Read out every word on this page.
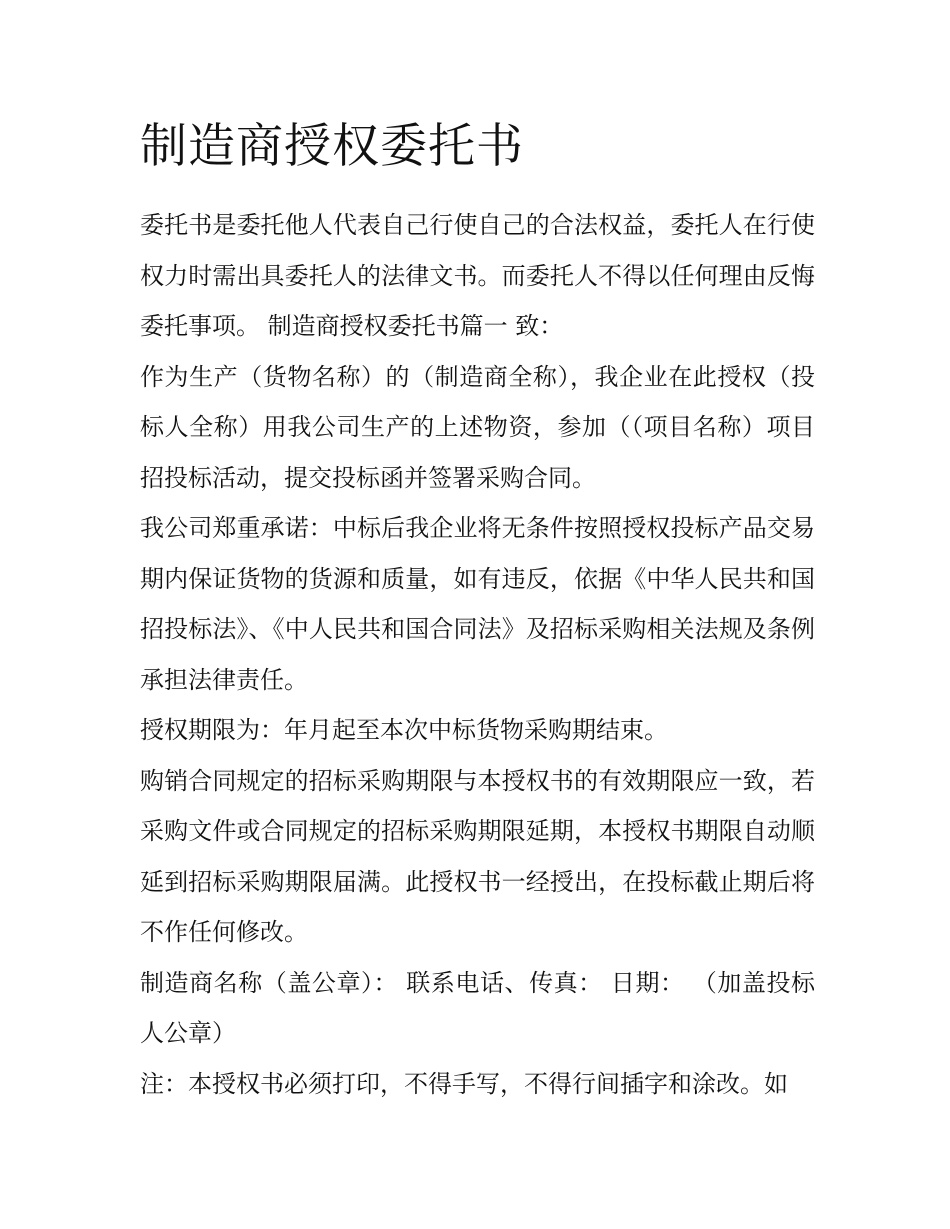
制造商授权委托书

委托书是委托他人代表自己行使自己的合法权益，委托人在行使权力时需出具委托人的法律文书。而委托人不得以任何理由反悔委托事项。 制造商授权委托书篇一 致：

作为生产（货物名称）的（制造商全称），我企业在此授权（投标人全称）用我公司生产的上述物资，参加（（项目名称）项目招投标活动，提交投标函并签署采购合同。

我公司郑重承诺：中标后我企业将无条件按照授权投标产品交易期内保证货物的货源和质量，如有违反，依据《中华人民共和国招投标法》、《中人民共和国合同法》及招标采购相关法规及条例承担法律责任。

授权期限为：年月起至本次中标货物采购期结束。

购销合同规定的招标采购期限与本授权书的有效期限应一致，若采购文件或合同规定的招标采购期限延期，本授权书期限自动顺延到招标采购期限届满。此授权书一经授出，在投标截止期后将不作任何修改。

制造商名称（盖公章）： 联系电话、传真： 日期： （加盖投标人公章）

注：本授权书必须打印，不得手写，不得行间插字和涂改。如
